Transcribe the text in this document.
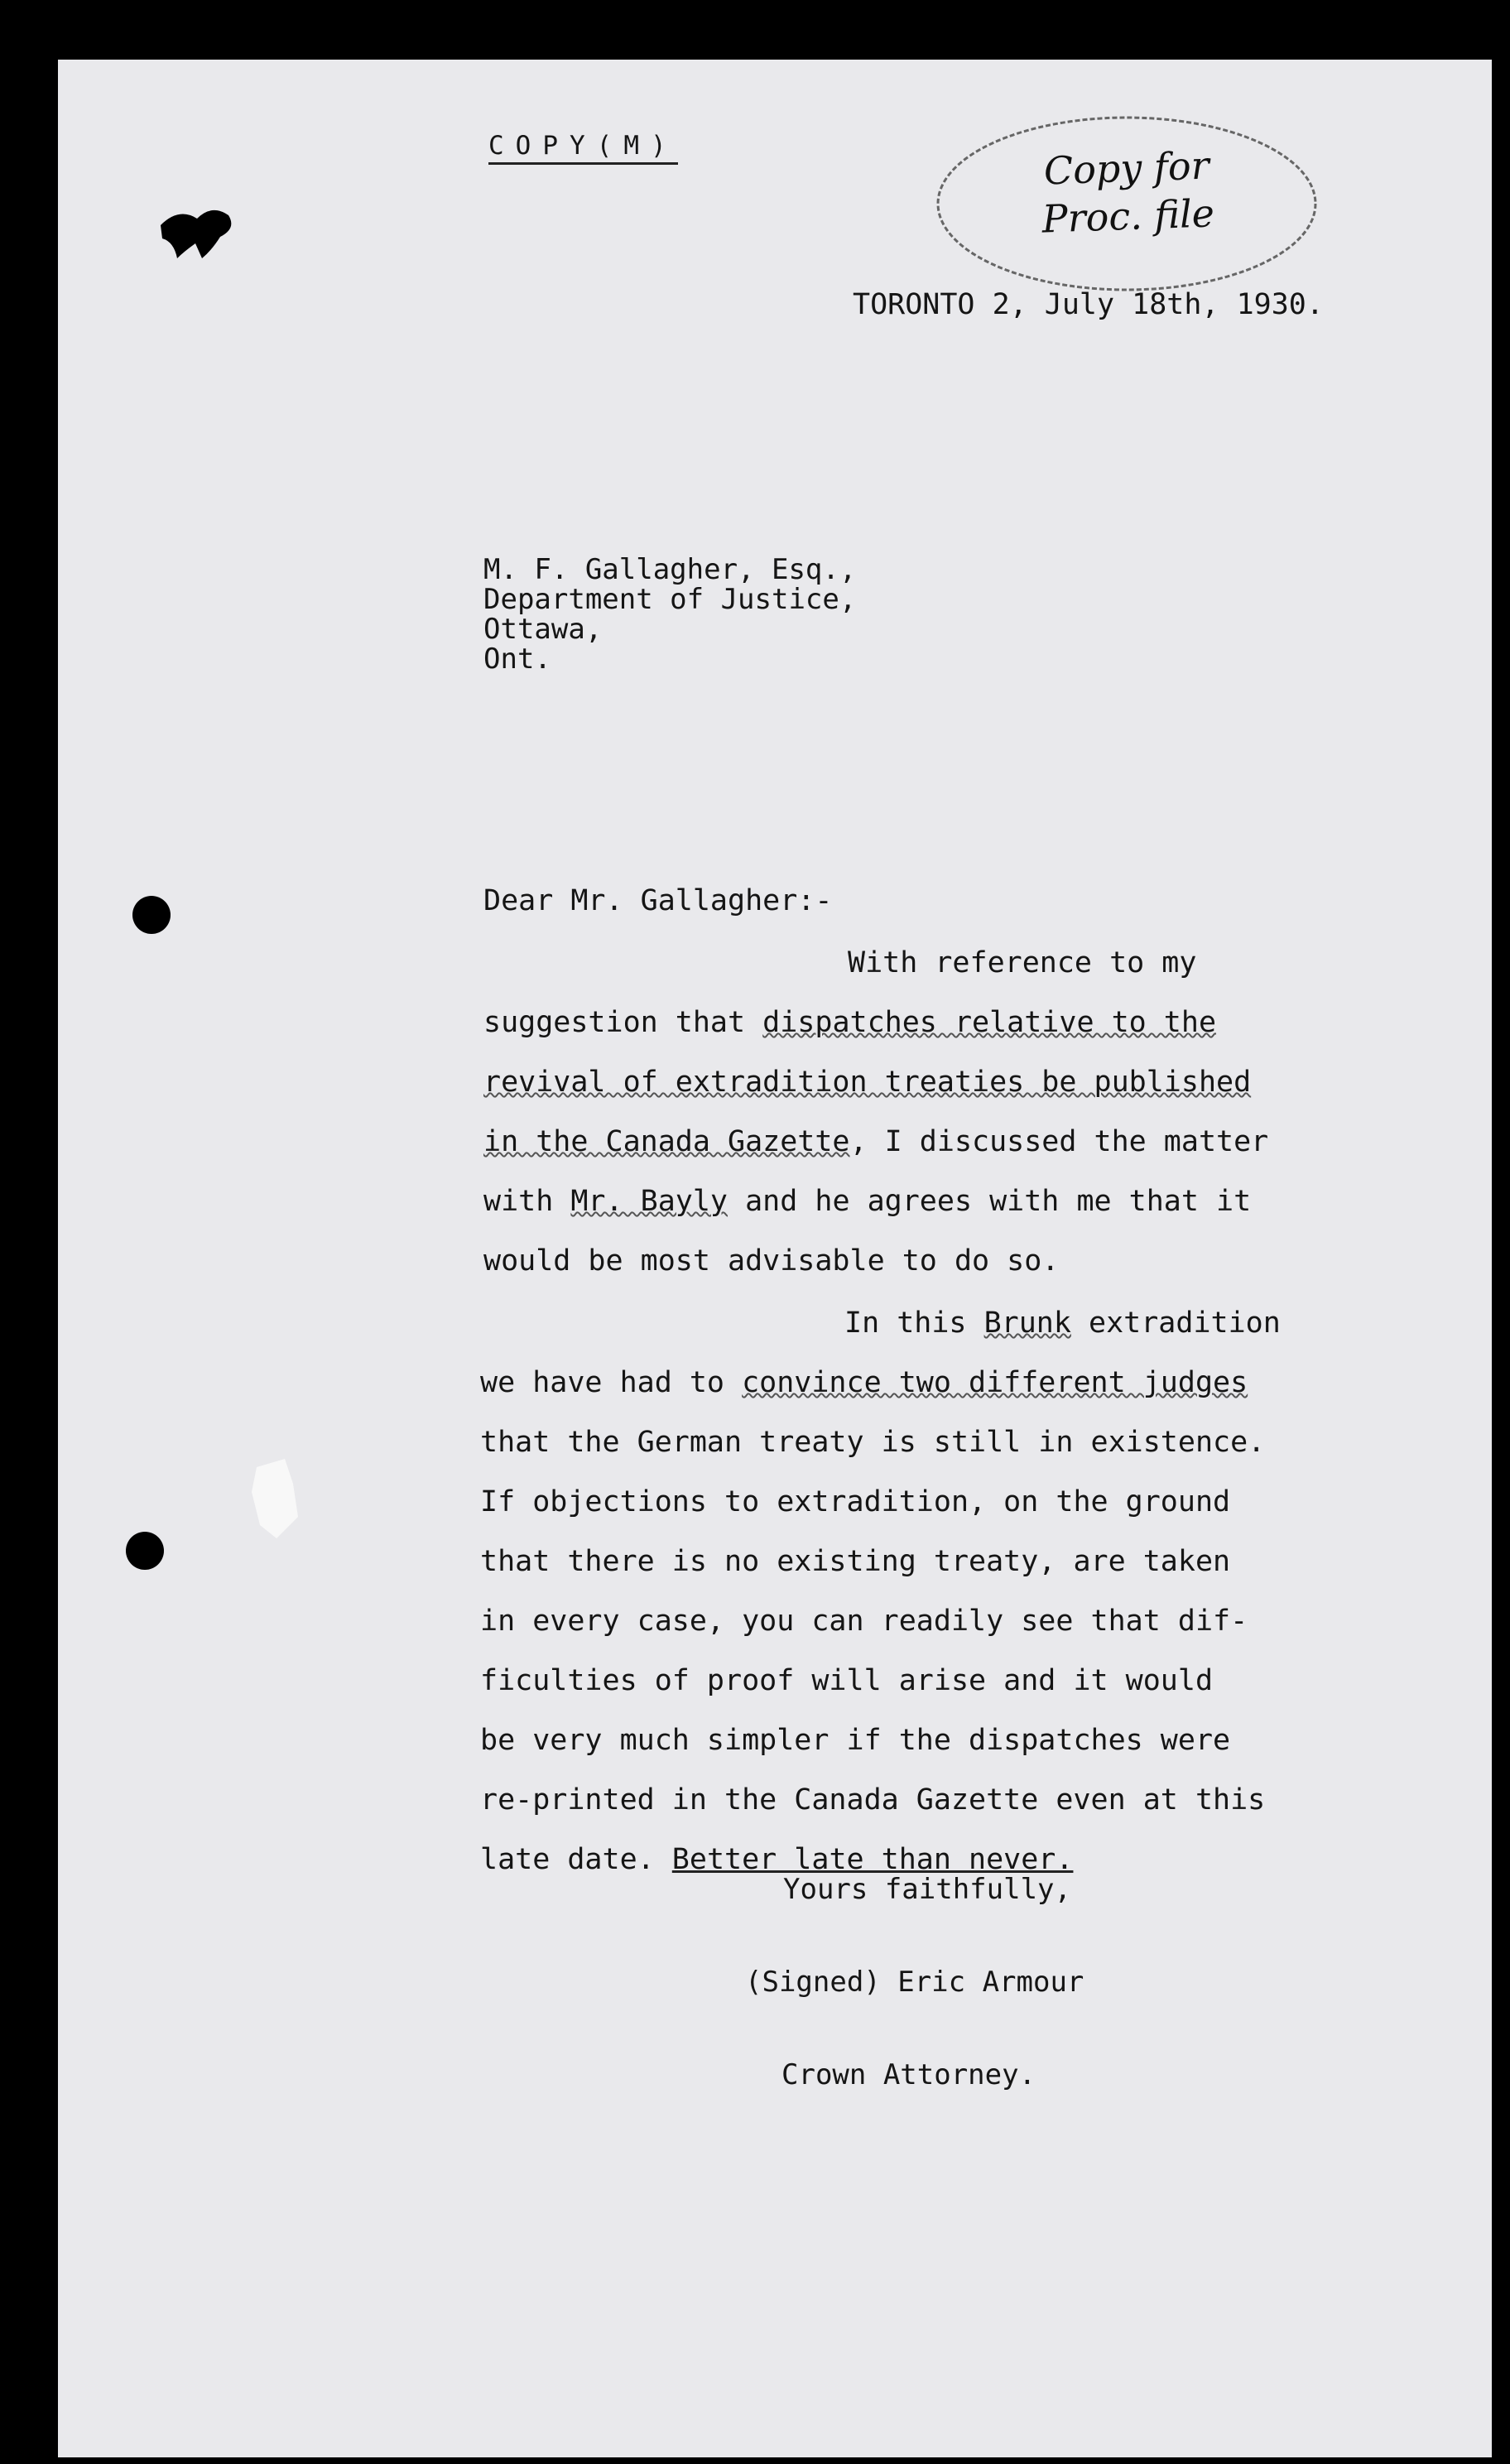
COPY(M)	Copy for
Proc. file
TORONTO 2, July 18th, 1930.
M. F. Gallagher, Esq.,
Department of Justice,
Ottawa,
Ont.
Dear Mr. Gallagher:-
With reference to my
suggestion that dispatches relative to the
revival of extradition treaties be published
in the Canada Gazette, I discussed the matter
with Mr. Bayly and he agrees with me that it
would be most advisable to do so.
In this Brunk extradition
we have had to convince two different judges
that the German treaty is still in existence.
If objections to extradition, on the ground
that there is no existing treaty, are taken
in every case, you can readily see that dif-
ficulties of proof will arise and it would
be very much simpler if the dispatches were
re-printed in the Canada Gazette even at this
late date. Better late than never.
Yours faithfully,
(Signed) Eric Armour
Crown Attorney.
